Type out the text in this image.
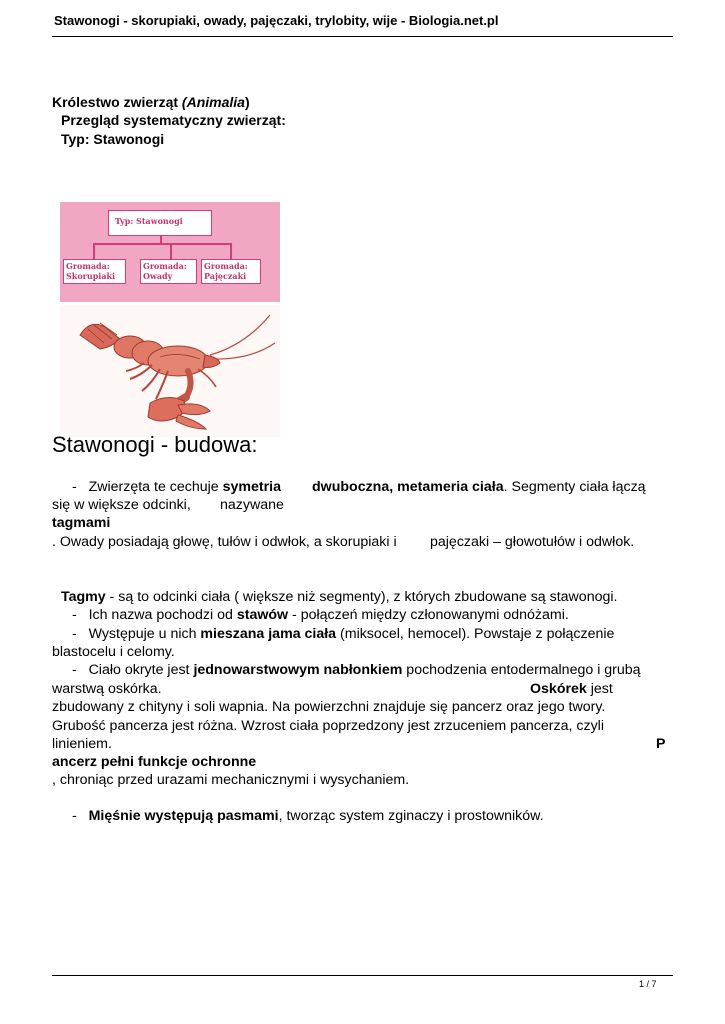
Stawonogi - skorupiaki, owady, pajęczaki, trylobity, wije - Biologia.net.pl
Królestwo zwierząt (Animalia)
Przegląd systematyczny zwierząt:
Typ: Stawonogi
Typ: Stawonogi
Gromada:
Skorupiaki
Gromada:
Owady
Gromada:
Pajęczaki
Stawonogi - budowa:
- Zwierzęta te cechuje symetria dwuboczna, metameria ciała. Segmenty ciała łączą
się w większe odcinki, nazywane
tagmami
. Owady posiadają głowę, tułów i odwłok, a skorupiaki i pajęczaki – głowotułów i odwłok.
Tagmy - są to odcinki ciała ( większe niż segmenty), z których zbudowane są stawonogi.
- Ich nazwa pochodzi od stawów - połączeń między członowanymi odnóżami.
- Występuje u nich mieszana jama ciała (miksocel, hemocel). Powstaje z połączenie
blastocelu i celomy.
- Ciało okryte jest jednowarstwowym nabłonkiem pochodzenia entodermalnego i grubą
warstwą oskórka.	Oskórek jest
zbudowany z chityny i soli wapnia. Na powierzchni znajduje się pancerz oraz jego twory.
Grubość pancerza jest różna. Wzrost ciała poprzedzony jest zrzuceniem pancerza, czyli
linieniem.	P
ancerz pełni funkcje ochronne
, chroniąc przed urazami mechanicznymi i wysychaniem.
- Mięśnie występują pasmami, tworząc system zginaczy i prostowników.
1 / 7
